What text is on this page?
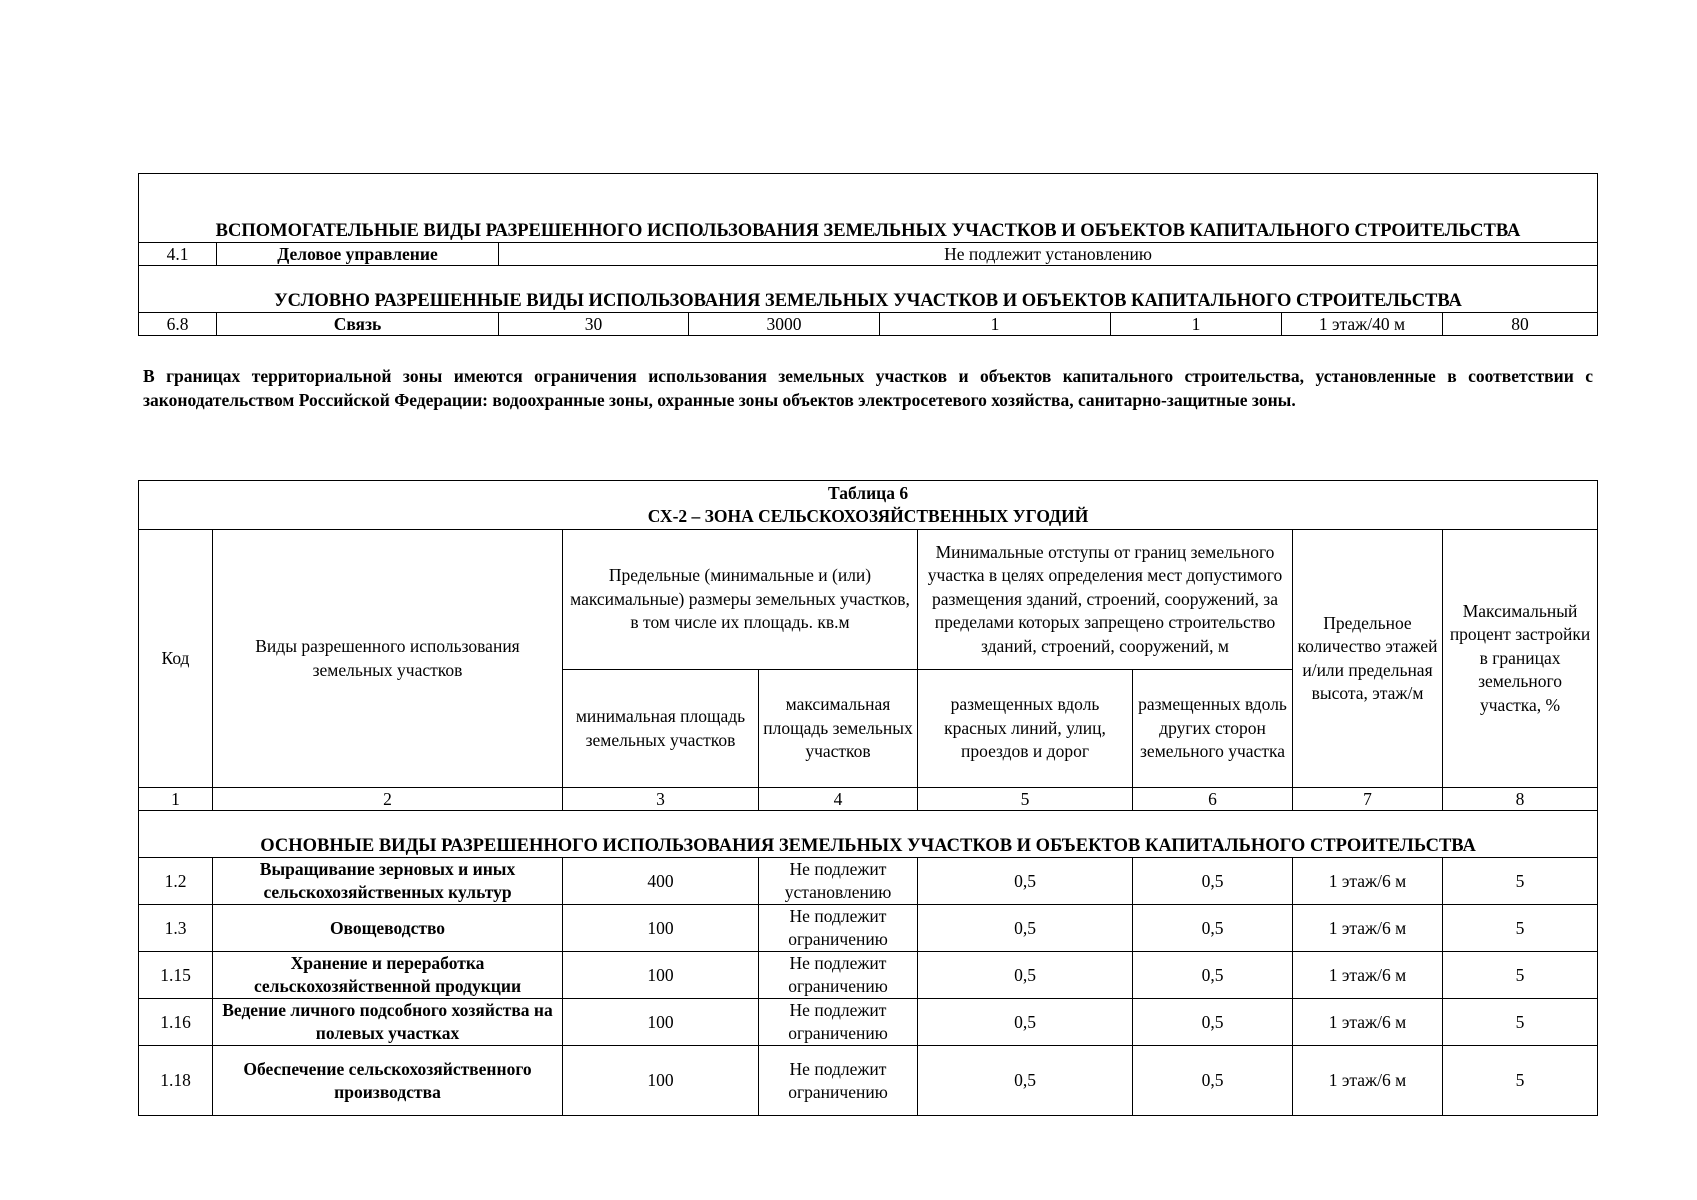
ВСПОМОГАТЕЛЬНЫЕ ВИДЫ РАЗРЕШЕННОГО ИСПОЛЬЗОВАНИЯ ЗЕМЕЛЬНЫХ УЧАСТКОВ И ОБЪЕКТОВ КАПИТАЛЬНОГО СТРОИТЕЛЬСТВА							
4.1	Деловое управление	Не подлежит установлению					
УСЛОВНО РАЗРЕШЕННЫЕ ВИДЫ ИСПОЛЬЗОВАНИЯ ЗЕМЕЛЬНЫХ УЧАСТКОВ И ОБЪЕКТОВ КАПИТАЛЬНОГО СТРОИТЕЛЬСТВА							
6.8	Связь	30	3000	1	1	1 этаж/40 м	80

В границах территориальной зоны имеются ограничения использования земельных участков и объектов капитального строительства, установленные в соответствии с законодательством Российской Федерации: водоохранные зоны, охранные зоны объектов электросетевого хозяйства, санитарно-защитные зоны.

Таблица 6
СХ-2 – ЗОНА СЕЛЬСКОХОЗЯЙСТВЕННЫХ УГОДИЙ							

Код	Виды разрешенного использования земельных участков	Предельные (минимальные и (или) максимальные) размеры земельных участков, в том числе их площадь. кв.м		Минимальные отступы от границ земельного участка в целях определения мест допустимого размещения зданий, строений, сооружений, за пределами которых запрещено строительство зданий, строений, сооружений, м		Предельное количество этажей и/или предельная высота, этаж/м	Максимальный процент застройки в границах земельного участка, %
		минимальная площадь земельных участков	максимальная площадь земельных участков	размещенных вдоль красных линий, улиц, проездов и дорог	размещенных вдоль других сторон земельного участка		
1	2	3	4	5	6	7	8
ОСНОВНЫЕ ВИДЫ РАЗРЕШЕННОГО ИСПОЛЬЗОВАНИЯ ЗЕМЕЛЬНЫХ УЧАСТКОВ И ОБЪЕКТОВ КАПИТАЛЬНОГО СТРОИТЕЛЬСТВА							
1.2	Выращивание зерновых и иных сельскохозяйственных культур	400	Не подлежит установлению	0,5	0,5	1 этаж/6 м	5
1.3	Овощеводство	100	Не подлежит ограничению	0,5	0,5	1 этаж/6 м	5
1.15	Хранение и переработка сельскохозяйственной продукции	100	Не подлежит ограничению	0,5	0,5	1 этаж/6 м	5
1.16	Ведение личного подсобного хозяйства на полевых участках	100	Не подлежит ограничению	0,5	0,5	1 этаж/6 м	5
1.18	Обеспечение сельскохозяйственного производства	100	Не подлежит ограничению	0,5	0,5	1 этаж/6 м	5
